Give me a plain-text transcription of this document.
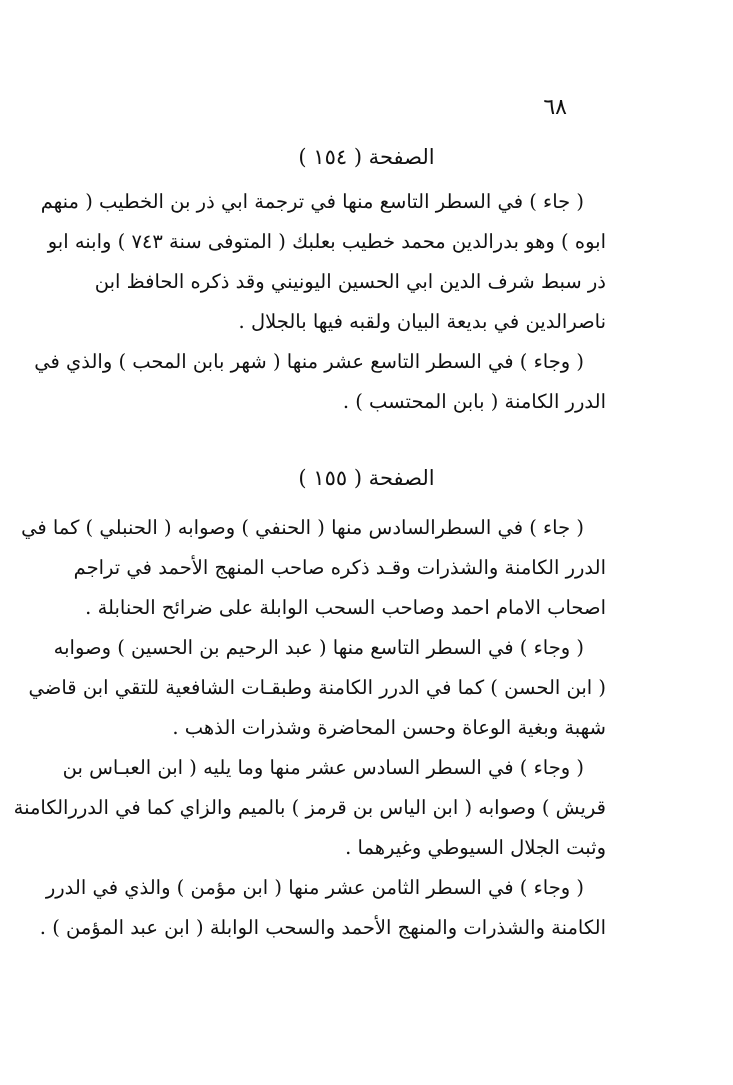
٦٨
الصفحة ( ١٥٤ )
( جاء ) في السطر التاسع منها في ترجمة ابي ذر بن الخطيب ( منهم
ابوه ) وهو بدرالدين محمد خطيب بعلبك ( المتوفى سنة ٧٤٣ ) وابنه ابو
ذر سبط شرف الدين ابي الحسين اليونيني وقد ذكره الحافظ ابن
ناصرالدين في بديعة البيان ولقبه فيها بالجلال .
( وجاء ) في السطر التاسع عشر منها ( شهر بابن المحب ) والذي في
الدرر الكامنة ( بابن المحتسب ) .
الصفحة ( ١٥٥ )
( جاء ) في السطرالسادس منها ( الحنفي ) وصوابه ( الحنبلي ) كما في
الدرر الكامنة والشذرات وقـد ذكره صاحب المنهج الأحمد في تراجم
اصحاب الامام احمد وصاحب السحب الوابلة على ضرائح الحنابلة .
( وجاء ) في السطر التاسع منها ( عبد الرحيم بن الحسين ) وصوابه
( ابن الحسن ) كما في الدرر الكامنة وطبقـات الشافعية للتقي ابن قاضي
شهبة وبغية الوعاة وحسن المحاضرة وشذرات الذهب .
( وجاء ) في السطر السادس عشر منها وما يليه ( ابن العبـاس بن
قريش ) وصوابه ( ابن الياس بن قرمز ) بالميم والزاي كما في الدررالكامنة
وثبت الجلال السيوطي وغيرهما .
( وجاء ) في السطر الثامن عشر منها ( ابن مؤمن ) والذي في الدرر
الكامنة والشذرات والمنهج الأحمد والسحب الوابلة ( ابن عبد المؤمن ) .
